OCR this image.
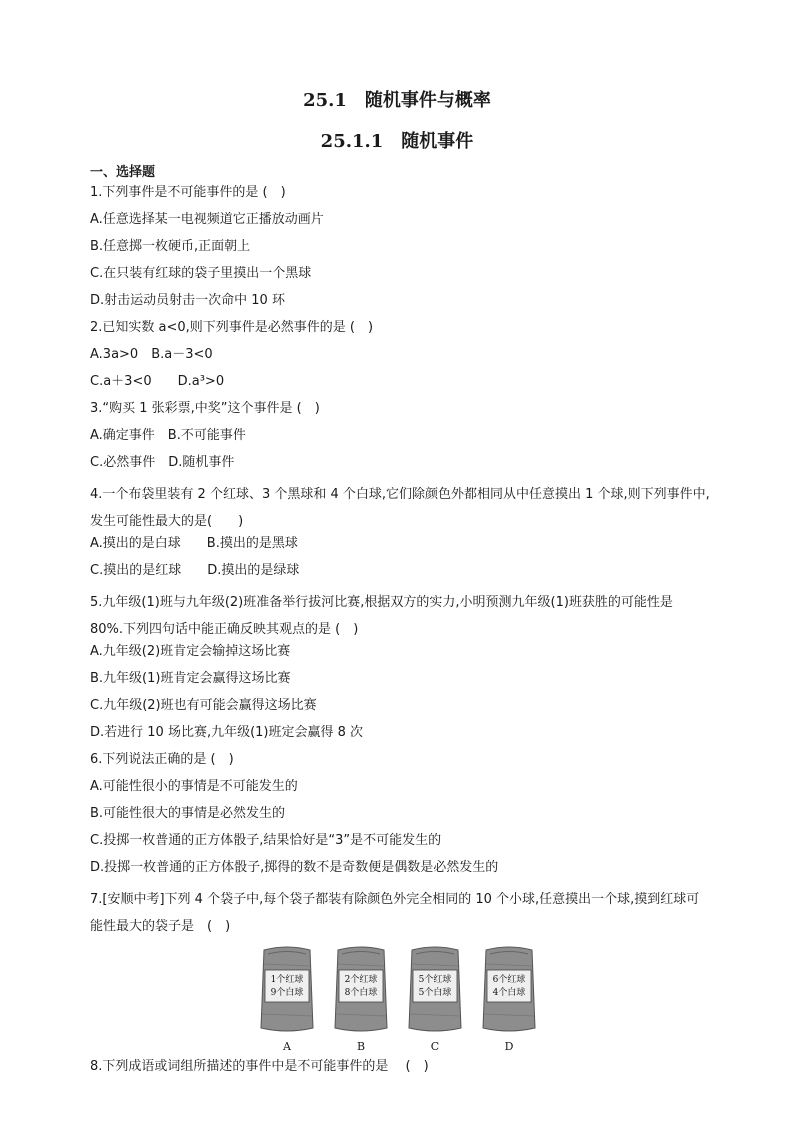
25.1　随机事件与概率
25.1.1　随机事件
一、选择题
1.下列事件是不可能事件的是 (　)
A.任意选择某一电视频道它正播放动画片
B.任意掷一枚硬币,正面朝上
C.在只装有红球的袋子里摸出一个黑球
D.射击运动员射击一次命中 10 环
2.已知实数 a<0,则下列事件是必然事件的是 (　)
A.3a>0　B.a－3<0
C.a＋3<0　　D.a³>0
3.“购买 1 张彩票,中奖”这个事件是 (　)
A.确定事件　B.不可能事件
C.必然事件　D.随机事件
4.一个布袋里装有 2 个红球、3 个黑球和 4 个白球,它们除颜色外都相同从中任意摸出 1 个球,则下列事件中,发生可能性最大的是(　　)
A.摸出的是白球　　B.摸出的是黑球
C.摸出的是红球　　D.摸出的是绿球
5.九年级(1)班与九年级(2)班准备举行拔河比赛,根据双方的实力,小明预测九年级(1)班获胜的可能性是 80%.下列四句话中能正确反映其观点的是 (　)
A.九年级(2)班肯定会输掉这场比赛
B.九年级(1)班肯定会赢得这场比赛
C.九年级(2)班也有可能会赢得这场比赛
D.若进行 10 场比赛,九年级(1)班定会赢得 8 次
6.下列说法正确的是 (　)
A.可能性很小的事情是不可能发生的
B.可能性很大的事情是必然发生的
C.投掷一枚普通的正方体骰子,结果恰好是“3”是不可能发生的
D.投掷一枚普通的正方体骰子,掷得的数不是奇数便是偶数是必然发生的
7.[安顺中考]下列 4 个袋子中,每个袋子都装有除颜色外完全相同的 10 个小球,任意摸出一个球,摸到红球可能性最大的袋子是　(　)
1个红球
9个白球
A
2个红球
8个白球
B
5个红球
5个白球
C
6个红球
4个白球
D
8.下列成语或词组所描述的事件中是不可能事件的是　 (　)
